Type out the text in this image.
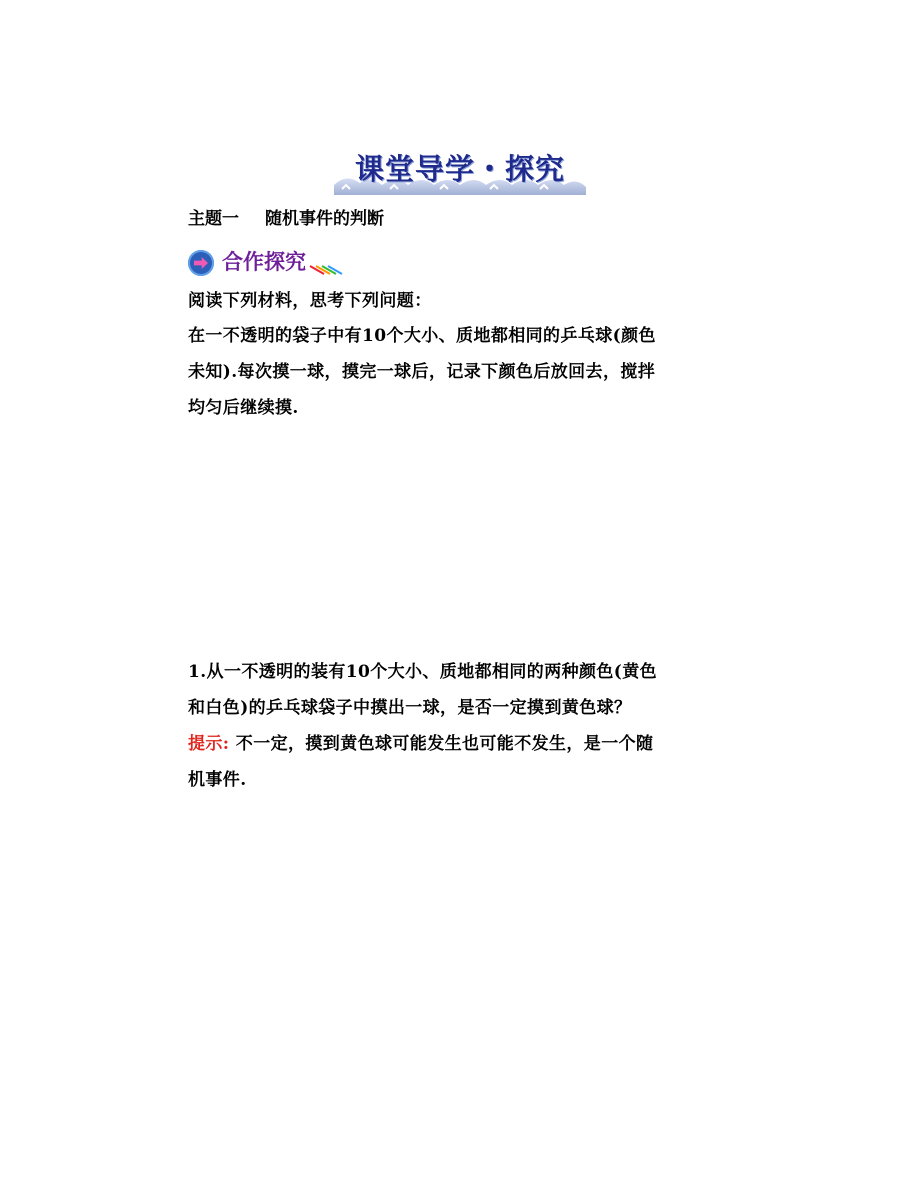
课堂导学・探究
主题一 随机事件的判断
合作探究
阅读下列材料，思考下列问题：
在一不透明的袋子中有10个大小、质地都相同的乒乓球(颜色
未知).每次摸一球，摸完一球后，记录下颜色后放回去，搅拌
均匀后继续摸.
1.从一不透明的装有10个大小、质地都相同的两种颜色(黄色
和白色)的乒乓球袋子中摸出一球，是否一定摸到黄色球？
提示: 不一定，摸到黄色球可能发生也可能不发生，是一个随
机事件.
